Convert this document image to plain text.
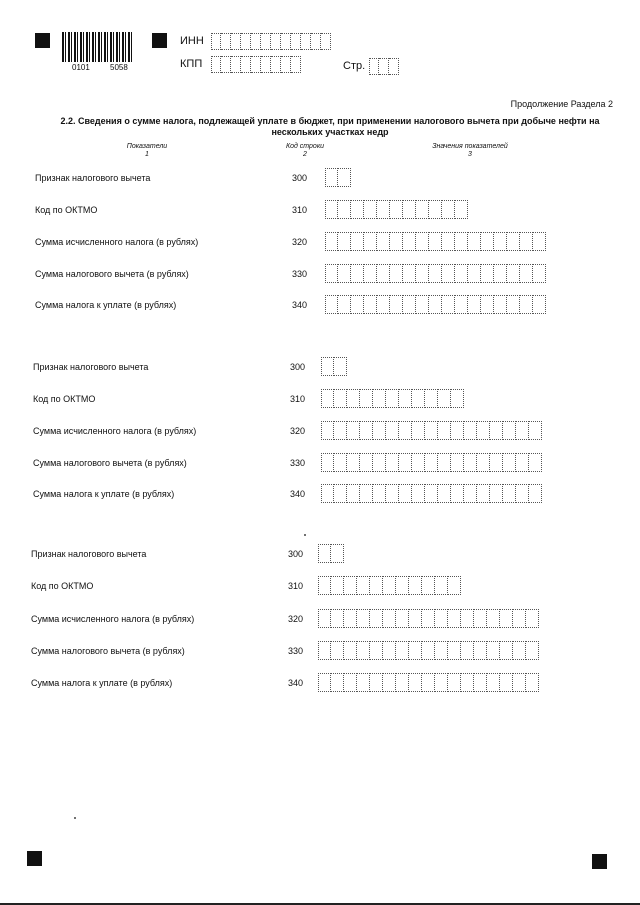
0101	5058
ИНН
КПП	Стр.
Продолжение Раздела 2
2.2. Сведения о сумме налога, подлежащей уплате в бюджет, при применении налогового вычета при добыче нефти на нескольких участках недр
Показатели
1
Код строки
2
Значения показателей
3
Признак налогового вычета	300
Код по ОКТМО	310
Сумма исчисленного налога (в рублях)	320
Сумма налогового вычета (в рублях)	330
Сумма налога к уплате (в рублях)	340
Признак налогового вычета	300
Код по ОКТМО	310
Сумма исчисленного налога (в рублях)	320
Сумма налогового вычета (в рублях)	330
Сумма налога к уплате (в рублях)	340
Признак налогового вычета	300
Код по ОКТМО	310
Сумма исчисленного налога (в рублях)	320
Сумма налогового вычета (в рублях)	330
Сумма налога к уплате (в рублях)	340
